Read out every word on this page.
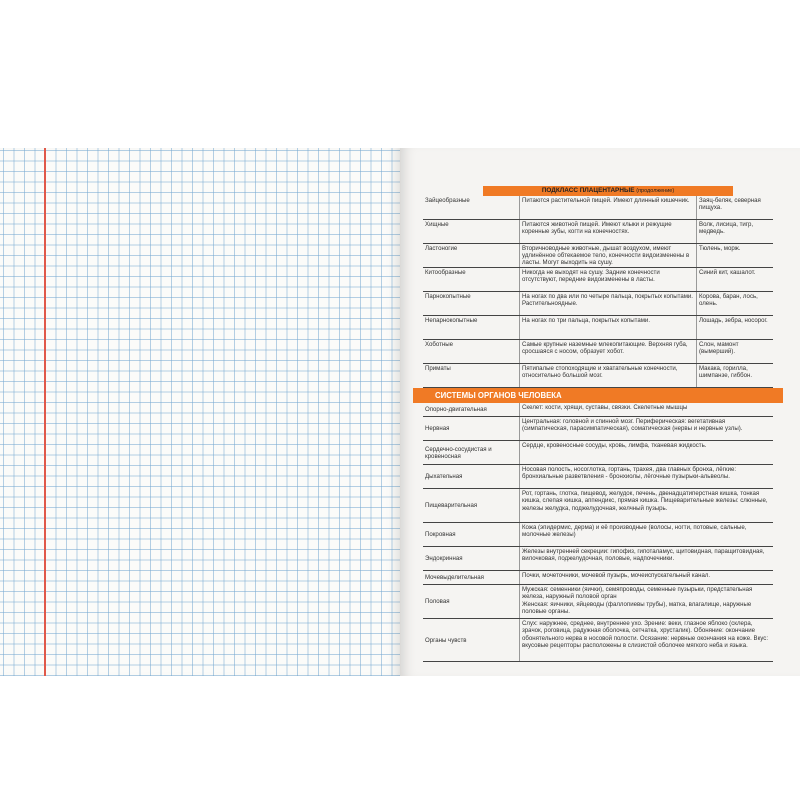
ПОДКЛАСС ПЛАЦЕНТАРНЫЕ (продолжение)
Зайцеобразные	Питаются растительной пищей. Имеют длинный кишечник.	Заяц-беляк, северная пищуха.
Хищные	Питаются животной пищей. Имеют клыки и режущие коренные зубы, когти на конечностях.	Волк, лисица, тигр, медведь.
Ластоногие	Вторичноводные животные, дышат воздухом, имеют удлинённое обтекаемое тело, конечности видоизменены в ласты. Могут выходить на сушу.	Тюлень, морж.
Китообразные	Никогда не выходят на сушу. Задние конечности отсутствуют, передние видоизменены в ласты.	Синий кит, кашалот.
Парнокопытные	На ногах по два или по четыре пальца, покрытых копытами. Растительноядные.	Корова, баран, лось, олень.
Непарнокопытные	На ногах по три пальца, покрытых копытами.	Лошадь, зебра, носорог.
Хоботные	Самые крупные наземные млекопитающие. Верхняя губа, сросшаяся с носом, образует хобот.	Слон, мамонт (вымерший).
Приматы	Пятипалые стопоходящие и хватательные конечности, относительно большой мозг.	Макака, горилла, шимпанзе, гиббон.
СИСТЕМЫ ОРГАНОВ ЧЕЛОВЕКА
Опорно-двигательная	Скелет: кости, хрящи, суставы, связки. Скелетные мышцы
Нервная	Центральная: головной и спинной мозг. Периферическая: вегетативная (симпатическая, парасимпатическая), соматическая (нервы и нервные узлы).
Сердечно-сосудистая и кровеносная	Сердце, кровеносные сосуды, кровь, лимфа, тканевая жидкость.
Дыхательная	Носовая полость, носоглотка, гортань, трахея, два главных бронха, лёгкие: бронхиальные разветвления - бронхиолы, лёгочные пузырьки-альвеолы.
Пищеварительная	Рот, гортань, глотка, пищевод, желудок, печень, двенадцатиперстная кишка, тонкая кишка, слепая кишка, аппендикс, прямая кишка. Пищеварительные железы: слюнные, железы желудка, поджелудочная, желчный пузырь.
Покровная	Кожа (эпидермис, дерма) и её производные (волосы, ногти, потовые, сальные, молочные железы)
Эндокринная	Железы внутренней секреции: гипофиз, гипоталамус, щитовидная, паращитовидная, вилочковая, поджелудочная, половые, надпочечники.
Мочевыделительная	Почки, мочеточники, мочевой пузырь, мочеиспускательный канал.
Половая	Мужская: семенники (яички), семяпроводы, семенные пузырьки, предстательная железа, наружный половой орган
Женская: яичники, яйцеводы (фаллопиевы трубы), матка, влагалище, наружные половые органы.
Органы чувств	Слух: наружнее, среднее, внутреннее ухо. Зрение: веки, глазное яблоко (склера, зрачок, роговица, радужная оболочка, сетчатка, хрусталик). Обоняние: окончание обонятельного нерва в носовой полости. Осязание: нервные окончания на коже. Вкус: вкусовые рецепторы расположены в слизистой оболочке мягкого неба и языка.
